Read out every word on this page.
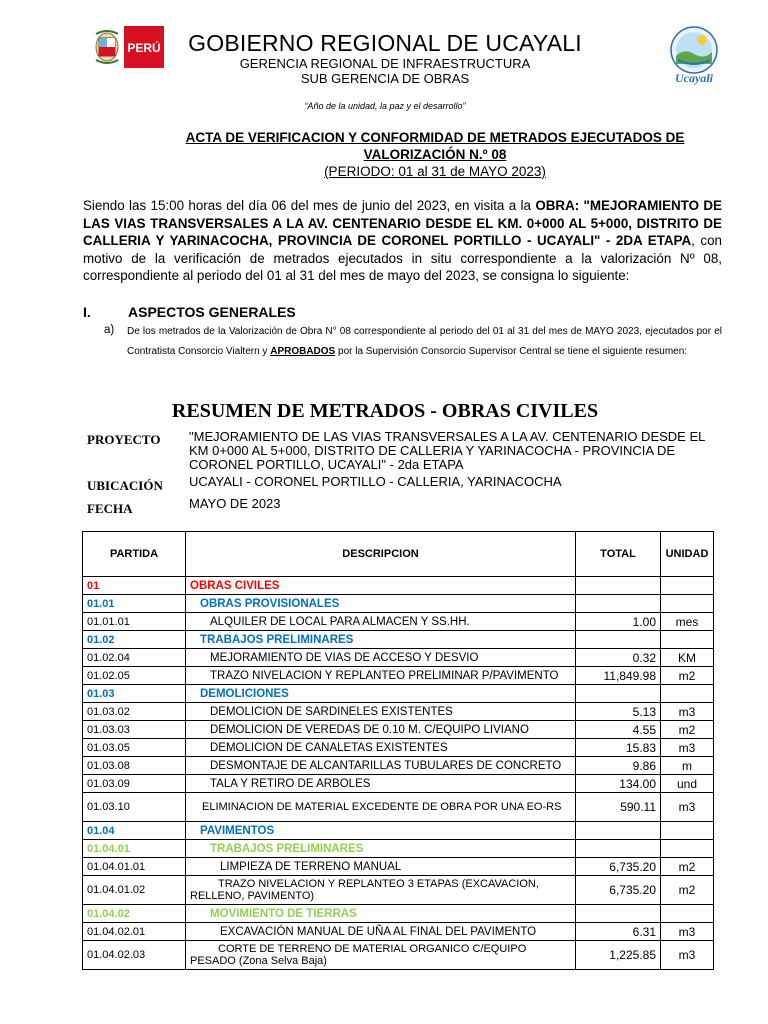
PERÚ	GOBIERNO REGIONAL DE UCAYALI
GERENCIA REGIONAL DE INFRAESTRUCTURA
SUB GERENCIA DE OBRAS	Ucayali
“Año de la unidad, la paz y el desarrollo”
ACTA DE VERIFICACION Y CONFORMIDAD DE METRADOS EJECUTADOS DE
VALORIZACIÓN N.º 08
(PERIODO: 01 al 31 de MAYO 2023)
Siendo las 15:00 horas del día 06 del mes de junio del 2023, en visita a la OBRA: "MEJORAMIENTO DE LAS VIAS TRANSVERSALES A LA AV. CENTENARIO DESDE EL KM. 0+000 AL 5+000, DISTRITO DE CALLERIA Y YARINACOCHA, PROVINCIA DE CORONEL PORTILLO - UCAYALI" - 2DA ETAPA, con motivo de la verificación de metrados ejecutados in situ correspondiente a la valorización Nº 08, correspondiente al periodo del 01 al 31 del mes de mayo del 2023, se consigna lo siguiente:
I.	ASPECTOS GENERALES
a) De los metrados de la Valorización de Obra N° 08 correspondiente al periodo del 01 al 31 del mes de MAYO 2023, ejecutados por el Contratista Consorcio Vialtern y APROBADOS por la Supervisión Consorcio Supervisor Central se tiene el siguiente resumen:
RESUMEN DE METRADOS - OBRAS CIVILES
PROYECTO "MEJORAMIENTO DE LAS VIAS TRANSVERSALES A LA AV. CENTENARIO DESDE EL KM 0+000 AL 5+000, DISTRITO DE CALLERIA Y YARINACOCHA - PROVINCIA DE CORONEL PORTILLO, UCAYALI" - 2da ETAPA
UBICACIÓN UCAYALI - CORONEL PORTILLO - CALLERIA, YARINACOCHA
FECHA	MAYO DE 2023
PARTIDA	DESCRIPCION	TOTAL	UNIDAD
01	OBRAS CIVILES		
01.01	OBRAS PROVISIONALES		
01.01.01	ALQUILER DE LOCAL PARA ALMACEN Y SS.HH.	1.00	mes
01.02	TRABAJOS PRELIMINARES		
01.02.04	MEJORAMIENTO DE VIAS DE ACCESO Y DESVIO	0.32	KM
01.02.05	TRAZO NIVELACION Y REPLANTEO PRELIMINAR P/PAVIMENTO	11,849.98	m2
01.03	DEMOLICIONES		
01.03.02	DEMOLICION DE SARDINELES EXISTENTES	5.13	m3
01.03.03	DEMOLICION DE VEREDAS DE 0.10 M. C/EQUIPO LIVIANO	4.55	m2
01.03.05	DEMOLICION DE CANALETAS EXISTENTES	15.83	m3
01.03.08	DESMONTAJE DE ALCANTARILLAS TUBULARES DE CONCRETO	9.86	m
01.03.09	TALA Y RETIRO DE ARBOLES	134.00	und
01.03.10	ELIMINACION DE MATERIAL EXCEDENTE DE OBRA POR UNA EO-RS	590.11	m3
01.04	PAVIMENTOS		
01.04.01	TRABAJOS PRELIMINARES		
01.04.01.01	LIMPIEZA DE TERRENO MANUAL	6,735.20	m2
01.04.01.02	TRAZO NIVELACION Y REPLANTEO 3 ETAPAS (EXCAVACION, RELLENO, PAVIMENTO)	6,735.20	m2
01.04.02	MOVIMIENTO DE TIERRAS		
01.04.02.01	EXCAVACIÓN MANUAL DE UÑA AL FINAL DEL PAVIMENTO	6.31	m3
01.04.02.03	CORTE DE TERRENO DE MATERIAL ORGANICO C/EQUIPO PESADO (Zona Selva Baja)	1,225.85	m3
